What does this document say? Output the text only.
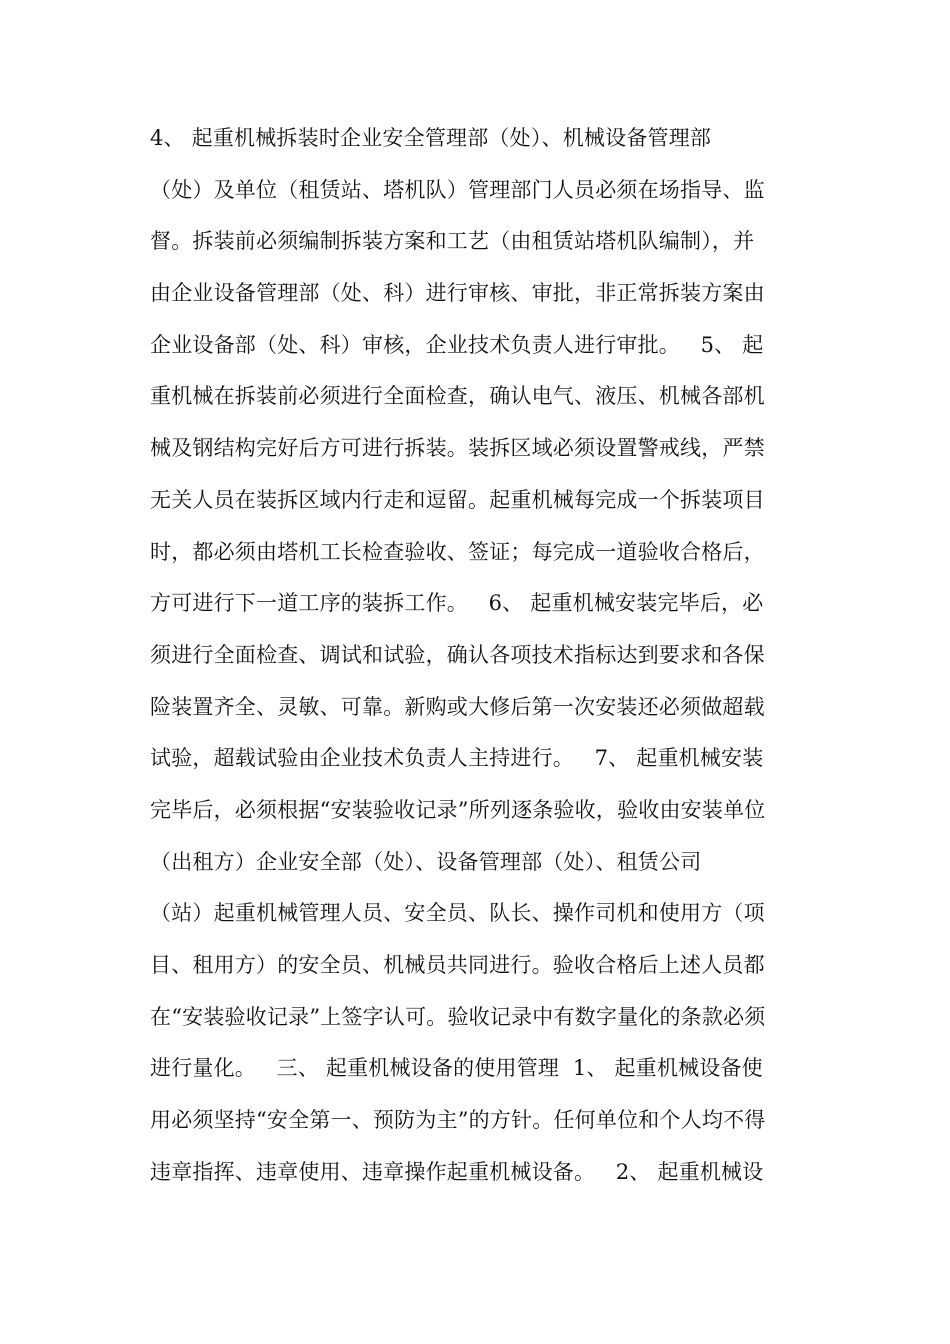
4、 起重机械拆装时企业安全管理部（处）、机械设备管理部
（处）及单位（租赁站、塔机队）管理部门人员必须在场指导、监
督。拆装前必须编制拆装方案和工艺（由租赁站塔机队编制），并
由企业设备管理部（处、科）进行审核、审批，非正常拆装方案由
企业设备部（处、科）审核，企业技术负责人进行审批。   5、 起
重机械在拆装前必须进行全面检查，确认电气、液压、机械各部机
械及钢结构完好后方可进行拆装。装拆区域必须设置警戒线，严禁
无关人员在装拆区域内行走和逗留。起重机械每完成一个拆装项目
时，都必须由塔机工长检查验收、签证；每完成一道验收合格后，
方可进行下一道工序的装拆工作。   6、 起重机械安装完毕后，必
须进行全面检查、调试和试验，确认各项技术指标达到要求和各保
险装置齐全、灵敏、可靠。新购或大修后第一次安装还必须做超载
试验，超载试验由企业技术负责人主持进行。   7、 起重机械安装
完毕后，必须根据“安装验收记录”所列逐条验收，验收由安装单位
（出租方）企业安全部（处）、设备管理部（处）、租赁公司
（站）起重机械管理人员、安全员、队长、操作司机和使用方（项
目、租用方）的安全员、机械员共同进行。验收合格后上述人员都
在“安装验收记录”上签字认可。验收记录中有数字量化的条款必须
进行量化。   三、 起重机械设备的使用管理  1、 起重机械设备使
用必须坚持“安全第一、预防为主”的方针。任何单位和个人均不得
违章指挥、违章使用、违章操作起重机械设备。   2、 起重机械设
